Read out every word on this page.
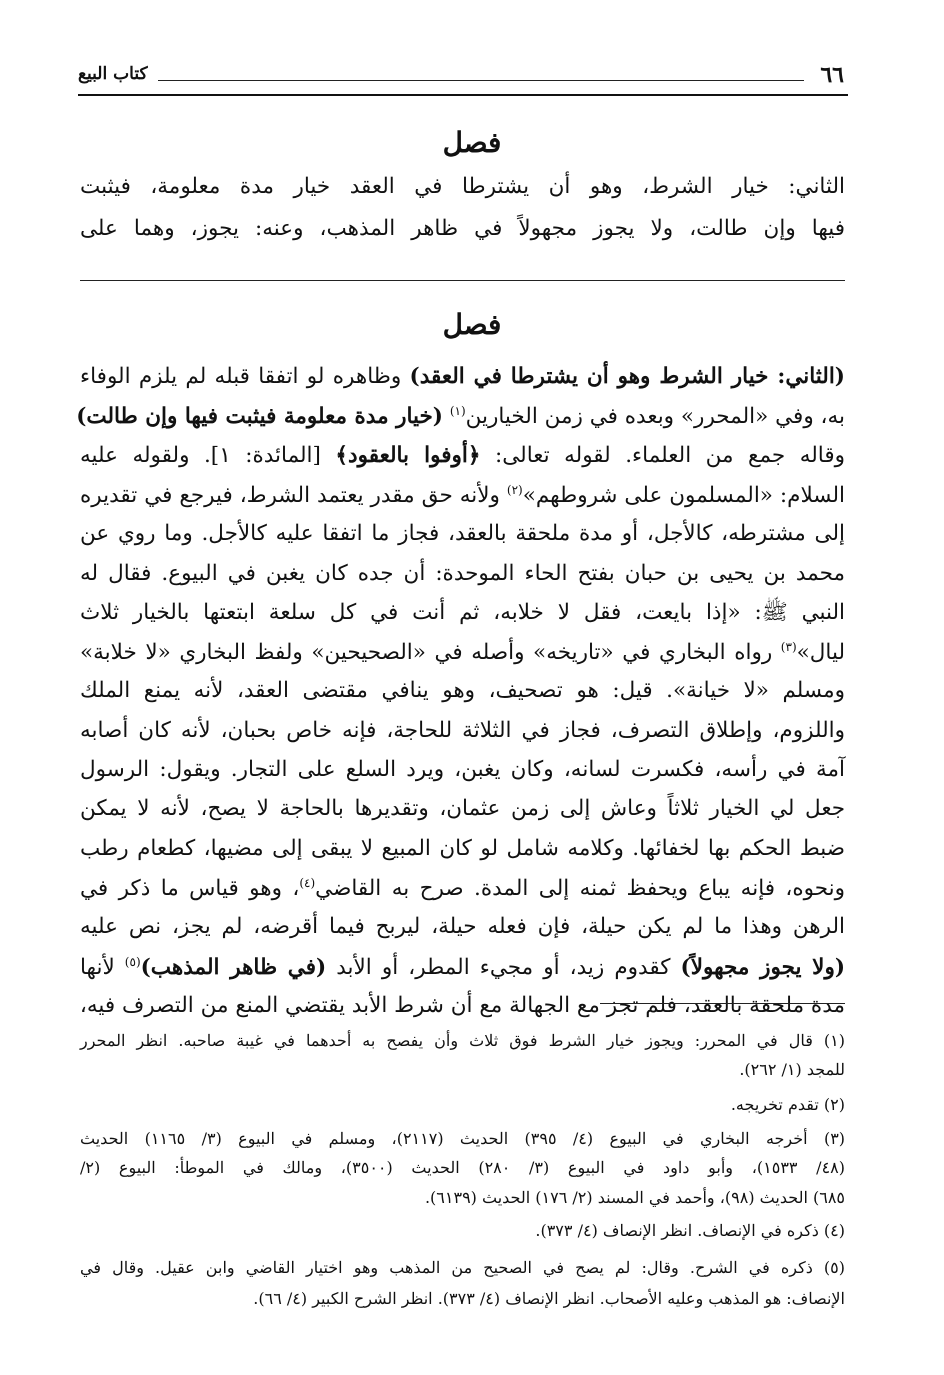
٦٦
كتاب البيع
فصل
الثاني: خيار الشرط، وهو أن يشترطا في العقد خيار مدة معلومة، فيثبت
فيها وإن طالت، ولا يجوز مجهولاً في ظاهر المذهب، وعنه: يجوز، وهما على
فصل
(الثاني: خيار الشرط وهو أن يشترطا في العقد) وظاهره لو اتفقا قبله لم يلزم الوفاء
به، وفي «المحرر» وبعده في زمن الخيارين$^{(١)}$ (خيار مدة معلومة فيثبت فيها وإن طالت)
وقاله جمع من العلماء. لقوله تعالى: ﴿أوفوا بالعقود﴾ [المائدة: ١]. ولقوله عليه
السلام: «المسلمون على شروطهم»$^{(٢)}$ ولأنه حق مقدر يعتمد الشرط، فيرجع في تقديره
إلى مشترطه، كالأجل، أو مدة ملحقة بالعقد، فجاز ما اتفقا عليه كالأجل. وما روي عن
محمد بن يحيى بن حبان بفتح الحاء الموحدة: أن جده كان يغبن في البيوع. فقال له
النبي ﷺ: «إذا بايعت، فقل لا خلابه، ثم أنت في كل سلعة ابتعتها بالخيار ثلاث
ليال»$^{(٣)}$ رواه البخاري في «تاريخه» وأصله في «الصحيحين» ولفظ البخاري «لا خلابة»
ومسلم «لا خيانة». قيل: هو تصحيف، وهو ينافي مقتضى العقد، لأنه يمنع الملك
واللزوم، وإطلاق التصرف، فجاز في الثلاثة للحاجة، فإنه خاص بحبان، لأنه كان أصابه
آمة في رأسه، فكسرت لسانه، وكان يغبن، ويرد السلع على التجار. ويقول: الرسول
جعل لي الخيار ثلاثاً وعاش إلى زمن عثمان، وتقديرها بالحاجة لا يصح، لأنه لا يمكن
ضبط الحكم بها لخفائها. وكلامه شامل لو كان المبيع لا يبقى إلى مضيها، كطعام رطب
ونحوه، فإنه يباع ويحفظ ثمنه إلى المدة. صرح به القاضي$^{(٤)}$، وهو قياس ما ذكر في
الرهن وهذا ما لم يكن حيلة، فإن فعله حيلة، ليربح فيما أقرضه، لم يجز، نص عليه
(ولا يجوز مجهولاً) كقدوم زيد، أو مجيء المطر، أو الأبد (في ظاهر المذهب)$^{(٥)}$ لأنها
مدة ملحقة بالعقد، فلم تجز مع الجهالة مع أن شرط الأبد يقتضي المنع من التصرف فيه،
(١) قال في المحرر: ويجوز خيار الشرط فوق ثلاث وأن يفصح به أحدهما في غيبة صاحبه. انظر المحرر
للمجد (١/ ٢٦٢).
(٢) تقدم تخريجه.
(٣) أخرجه البخاري في البيوع (٤/ ٣٩٥) الحديث (٢١١٧)، ومسلم في البيوع (٣/ ١١٦٥) الحديث
(٤٨/ ١٥٣٣)، وأبو داود في البيوع (٣/ ٢٨٠) الحديث (٣٥٠٠)، ومالك في الموطأ: البيوع (٢/
٦٨٥) الحديث (٩٨)، وأحمد في المسند (٢/ ١٧٦) الحديث (٦١٣٩).
(٤) ذكره في الإنصاف. انظر الإنصاف (٤/ ٣٧٣).
(٥) ذكره في الشرح. وقال: لم يصح في الصحيح من المذهب وهو اختيار القاضي وابن عقيل. وقال في
الإنصاف: هو المذهب وعليه الأصحاب. انظر الإنصاف (٤/ ٣٧٣). انظر الشرح الكبير (٤/ ٦٦).
